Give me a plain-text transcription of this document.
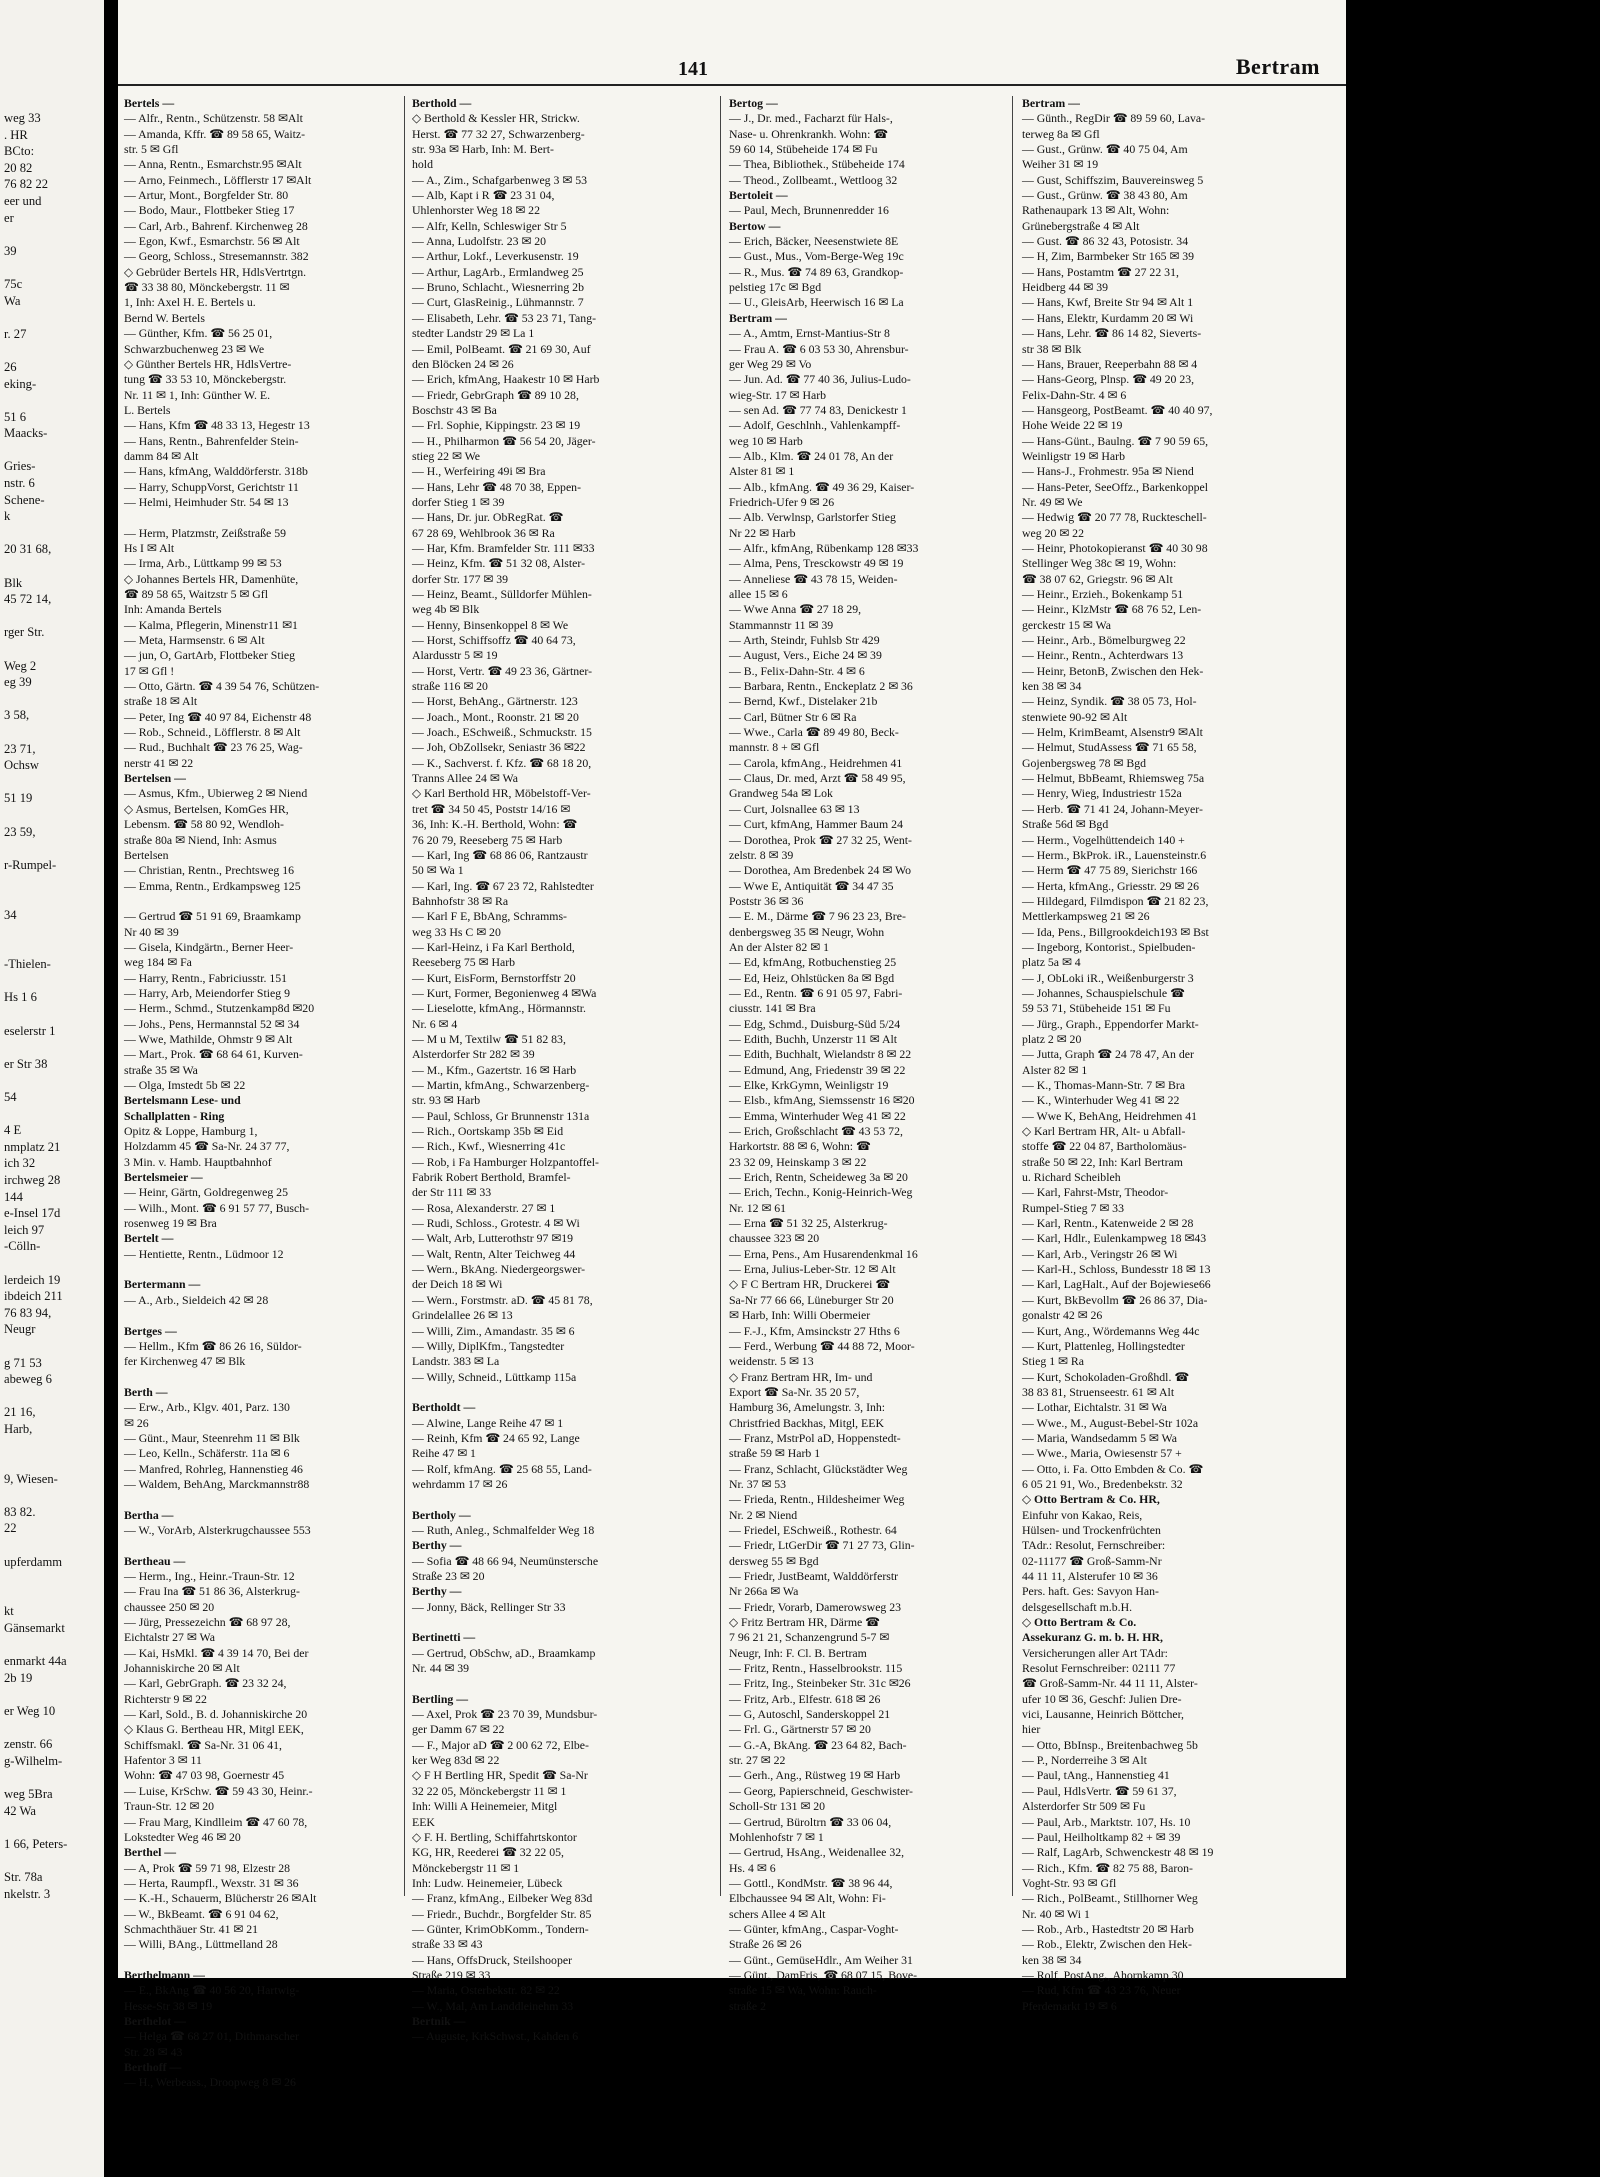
weg 33
. HR
BCto:
20 82
76 82 22
eer und
er

39

75c
Wa

r. 27

26
eking-

51 6
Maacks-

Gries-
nstr. 6
Schene-
k

20 31 68,

Blk
45 72 14,

rger Str.

Weg 2
eg 39

3 58,

23 71,
Ochsw

51 19

23 59,

r-Rumpel-

34

-Thielen-

Hs 1 6

eselerstr 1

er Str 38

54

4 E
nmplatz 21
ich 32
irchweg 28
144
e-Insel 17d
leich 97
-Cölln-

lerdeich 19
ibdeich 211
76 83 94,
Neugr

g 71 53
abeweg 6

21 16,
Harb,

9, Wiesen-

83 82.
22

upferdamm

kt
Gänsemarkt

enmarkt 44a
2b 19

er Weg 10

zenstr. 66
g-Wilhelm-

weg 5Bra
42 Wa

1 66, Peters-

Str. 78a
nkelstr. 3
141	Bertram
Bertels —
— Alfr., Rentn., Schützenstr. 58 ✉Alt
— Amanda, Kffr. ☎ 89 58 65, Waitz-
str. 5 ✉ Gfl
— Anna, Rentn., Esmarchstr.95 ✉Alt
— Arno, Feinmech., Löfflerstr 17 ✉Alt
— Artur, Mont., Borgfelder Str. 80
— Bodo, Maur., Flottbeker Stieg 17
— Carl, Arb., Bahrenf. Kirchenweg 28
— Egon, Kwf., Esmarchstr. 56 ✉ Alt
— Georg, Schloss., Stresemannstr. 382
◇ Gebrüder Bertels HR, HdlsVertrtgn.
☎ 33 38 80, Mönckebergstr. 11 ✉
1, Inh: Axel H. E. Bertels u.
Bernd W. Bertels
— Günther, Kfm. ☎ 56 25 01,
Schwarzbuchenweg 23 ✉ We
◇ Günther Bertels HR, HdlsVertre-
tung ☎ 33 53 10, Mönckebergstr.
Nr. 11 ✉ 1, Inh: Günther W. E.
L. Bertels
— Hans, Kfm ☎ 48 33 13, Hegestr 13
— Hans, Rentn., Bahrenfelder Stein-
damm 84 ✉ Alt
— Hans, kfmAng, Walddörferstr. 318b
— Harry, SchuppVorst, Gerichtstr 11
— Helmi, Heimhuder Str. 54 ✉ 13

— Herm, Platzmstr, Zeißstraße 59
Hs I ✉ Alt
— Irma, Arb., Lüttkamp 99 ✉ 53
◇ Johannes Bertels HR, Damenhüte,
☎ 89 58 65, Waitzstr 5 ✉ Gfl
Inh: Amanda Bertels
— Kalma, Pflegerin, Minenstr11 ✉1
— Meta, Harmsenstr. 6 ✉ Alt
— jun, O, GartArb, Flottbeker Stieg
17 ✉ Gfl !
— Otto, Gärtn. ☎ 4 39 54 76, Schützen-
straße 18 ✉ Alt
— Peter, Ing ☎ 40 97 84, Eichenstr 48
— Rob., Schneid., Löfflerstr. 8 ✉ Alt
— Rud., Buchhalt ☎ 23 76 25, Wag-
nerstr 41 ✉ 22
Bertelsen —
— Asmus, Kfm., Ubierweg 2 ✉ Niend
◇ Asmus, Bertelsen, KomGes HR,
Lebensm. ☎ 58 80 92, Wendloh-
straße 80a ✉ Niend, Inh: Asmus
Bertelsen
— Christian, Rentn., Prechtsweg 16
— Emma, Rentn., Erdkampsweg 125

— Gertrud ☎ 51 91 69, Braamkamp
Nr 40 ✉ 39
— Gisela, Kindgärtn., Berner Heer-
weg 184 ✉ Fa
— Harry, Rentn., Fabriciusstr. 151
— Harry, Arb, Meiendorfer Stieg 9
— Herm., Schmd., Stutzenkamp8d ✉20
— Johs., Pens, Hermannstal 52 ✉ 34
— Wwe, Mathilde, Ohmstr 9 ✉ Alt
— Mart., Prok. ☎ 68 64 61, Kurven-
straße 35 ✉ Wa
— Olga, Imstedt 5b ✉ 22
Bertelsmann Lese- und
Schallplatten - Ring
Opitz & Loppe, Hamburg 1,
Holzdamm 45 ☎ Sa-Nr. 24 37 77,
3 Min. v. Hamb. Hauptbahnhof
Bertelsmeier —
— Heinr, Gärtn, Goldregenweg 25
— Wilh., Mont. ☎ 6 91 57 77, Busch-
rosenweg 19 ✉ Bra
Bertelt —
— Hentiette, Rentn., Lüdmoor 12

Bertermann —
— A., Arb., Sieldeich 42 ✉ 28

Bertges —
— Hellm., Kfm ☎ 86 26 16, Süldor-
fer Kirchenweg 47 ✉ Blk

Berth —
— Erw., Arb., Klgv. 401, Parz. 130
✉ 26
— Günt., Maur, Steenrehm 11 ✉ Blk
— Leo, Kelln., Schäferstr. 11a ✉ 6
— Manfred, Rohrleg, Hannenstieg 46
— Waldem, BehAng, Marckmannstr88

Bertha —
— W., VorArb, Alsterkrugchaussee 553

Bertheau —
— Herm., Ing., Heinr.-Traun-Str. 12
— Frau Ina ☎ 51 86 36, Alsterkrug-
chaussee 250 ✉ 20
— Jürg, Pressezeichn ☎ 68 97 28,
Eichtalstr 27 ✉ Wa
— Kai, HsMkl. ☎ 4 39 14 70, Bei der
Johanniskirche 20 ✉ Alt
— Karl, GebrGraph. ☎ 23 32 24,
Richterstr 9 ✉ 22
— Karl, Sold., B. d. Johanniskirche 20
◇ Klaus G. Bertheau HR, Mitgl EEK,
Schiffsmakl. ☎ Sa-Nr. 31 06 41,
Hafentor 3 ✉ 11
Wohn: ☎ 47 03 98, Goernestr 45
— Luise, KrSchw. ☎ 59 43 30, Heinr.-
Traun-Str. 12 ✉ 20
— Frau Marg, Kindlleim ☎ 47 60 78,
Lokstedter Weg 46 ✉ 20
Berthel —
— A, Prok ☎ 59 71 98, Elzestr 28
— Herta, Raumpfl., Wexstr. 31 ✉ 36
— K.-H., Schauerm, Blücherstr 26 ✉Alt
— W., BkBeamt. ☎ 6 91 04 62,
Schmachthäuer Str. 41 ✉ 21
— Willi, BAng., Lüttmelland 28

Berthelmann —
— E., BkAng ☎ 40 56 20, Hartwig-
Hesse-Str 38 ✉ 19
Berthelot —
— Helga ☎ 68 27 01, Dithmarscher
Str. 28 ✉ 43
Berthoff —
— H., Werbeass., Droopweg 8 ✉ 26
Berthold —
◇ Berthold & Kessler HR, Strickw.
Herst. ☎ 77 32 27, Schwarzenberg-
str. 93a ✉ Harb, Inh: M. Bert-
hold
— A., Zim., Schafgarbenweg 3 ✉ 53
— Alb, Kapt i R ☎ 23 31 04,
Uhlenhorster Weg 18 ✉ 22
— Alfr, Kelln, Schleswiger Str 5
— Anna, Ludolfstr. 23 ✉ 20
— Arthur, Lokf., Leverkusenstr. 19
— Arthur, LagArb., Ermlandweg 25
— Bruno, Schlacht., Wiesnerring 2b
— Curt, GlasReinig., Lühmannstr. 7
— Elisabeth, Lehr. ☎ 53 23 71, Tang-
stedter Landstr 29 ✉ La 1
— Emil, PolBeamt. ☎ 21 69 30, Auf
den Blöcken 24 ✉ 26
— Erich, kfmAng, Haakestr 10 ✉ Harb
— Friedr, GebrGraph ☎ 89 10 28,
Boschstr 43 ✉ Ba
— Frl. Sophie, Kippingstr. 23 ✉ 19
— H., Philharmon ☎ 56 54 20, Jäger-
stieg 22 ✉ We
— H., Werfeiring 49i ✉ Bra
— Hans, Lehr ☎ 48 70 38, Eppen-
dorfer Stieg 1 ✉ 39
— Hans, Dr. jur. ObRegRat. ☎
67 28 69, Wehlbrook 36 ✉ Ra
— Har, Kfm. Bramfelder Str. 111 ✉33
— Heinz, Kfm. ☎ 51 32 08, Alster-
dorfer Str. 177 ✉ 39
— Heinz, Beamt., Sülldorfer Mühlen-
weg 4b ✉ Blk
— Henny, Binsenkoppel 8 ✉ We
— Horst, Schiffsoffz ☎ 40 64 73,
Alardusstr 5 ✉ 19
— Horst, Vertr. ☎ 49 23 36, Gärtner-
straße 116 ✉ 20
— Horst, BehAng., Gärtnerstr. 123
— Joach., Mont., Roonstr. 21 ✉ 20
— Joach., ESchweiß., Schmuckstr. 15
— Joh, ObZollsekr, Seniastr 36 ✉22
— K., Sachverst. f. Kfz. ☎ 68 18 20,
Tranns Allee 24 ✉ Wa
◇ Karl Berthold HR, Möbelstoff-Ver-
tret ☎ 34 50 45, Poststr 14/16 ✉
36, Inh: K.-H. Berthold, Wohn: ☎
76 20 79, Reeseberg 75 ✉ Harb
— Karl, Ing ☎ 68 86 06, Rantzaustr
50 ✉ Wa 1
— Karl, Ing. ☎ 67 23 72, Rahlstedter
Bahnhofstr 38 ✉ Ra
— Karl F E, BbAng, Schramms-
weg 33 Hs C ✉ 20
— Karl-Heinz, i Fa Karl Berthold,
Reeseberg 75 ✉ Harb
— Kurt, EisForm, Bernstorffstr 20
— Kurt, Former, Begonienweg 4 ✉Wa
— Lieselotte, kfmAng., Hörmannstr.
Nr. 6 ✉ 4
— M u M, Textilw ☎ 51 82 83,
Alsterdorfer Str 282 ✉ 39
— M., Kfm., Gazertstr. 16 ✉ Harb
— Martin, kfmAng., Schwarzenberg-
str. 93 ✉ Harb
— Paul, Schloss, Gr Brunnenstr 131a
— Rich., Oortskamp 35b ✉ Eid
— Rich., Kwf., Wiesnerring 41c
— Rob, i Fa Hamburger Holzpantoffel-
Fabrik Robert Berthold, Bramfel-
der Str 111 ✉ 33
— Rosa, Alexanderstr. 27 ✉ 1
— Rudi, Schloss., Grotestr. 4 ✉ Wi
— Walt, Arb, Lutterothstr 97 ✉19
— Walt, Rentn, Alter Teichweg 44
— Wern., BkAng. Niedergeorgswer-
der Deich 18 ✉ Wi
— Wern., Forstmstr. aD. ☎ 45 81 78,
Grindelallee 26 ✉ 13
— Willi, Zim., Amandastr. 35 ✉ 6
— Willy, DiplKfm., Tangstedter
Landstr. 383 ✉ La
— Willy, Schneid., Lüttkamp 115a

Bertholdt —
— Alwine, Lange Reihe 47 ✉ 1
— Reinh, Kfm ☎ 24 65 92, Lange
Reihe 47 ✉ 1
— Rolf, kfmAng. ☎ 25 68 55, Land-
wehrdamm 17 ✉ 26

Bertholy —
— Ruth, Anleg., Schmalfelder Weg 18
Berthy —
— Sofia ☎ 48 66 94, Neumünstersche
Straße 23 ✉ 20
Berthy —
— Jonny, Bäck, Rellinger Str 33

Bertinetti —
— Gertrud, ObSchw, aD., Braamkamp
Nr. 44 ✉ 39

Bertling —
— Axel, Prok ☎ 23 70 39, Mundsbur-
ger Damm 67 ✉ 22
— F., Major aD ☎ 2 00 62 72, Elbe-
ker Weg 83d ✉ 22
◇ F H Bertling HR, Spedit ☎ Sa-Nr
32 22 05, Mönckebergstr 11 ✉ 1
Inh: Willi A Heinemeier, Mitgl
EEK
◇ F. H. Bertling, Schiffahrtskontor
KG, HR, Reederei ☎ 32 22 05,
Mönckebergstr 11 ✉ 1
Inh: Ludw. Heinemeier, Lübeck
— Franz, kfmAng., Eilbeker Weg 83d
— Friedr., Buchdr., Borgfelder Str. 85
— Günter, KrimObKomm., Tondern-
straße 33 ✉ 43
— Hans, OffsDruck, Steilshooper
Straße 219 ✉ 33
— Maria, Osterbekstr. 82 ✉ 22
— W., Mal, Am Landdleinehm 33
Bertnik —
— Auguste, KrkSchwst., Kahden 6
Bertog —
— J., Dr. med., Facharzt für Hals-,
Nase- u. Ohrenkrankh. Wohn: ☎
59 60 14, Stübeheide 174 ✉ Fu
— Thea, Bibliothek., Stübeheide 174
— Theod., Zollbeamt., Wettloog 32
Bertoleit —
— Paul, Mech, Brunnenredder 16
Bertow —
— Erich, Bäcker, Neesenstwiete 8E
— Gust., Mus., Vom-Berge-Weg 19c
— R., Mus. ☎ 74 89 63, Grandkop-
pelstieg 17c ✉ Bgd
— U., GleisArb, Heerwisch 16 ✉ La
Bertram —
— A., Amtm, Ernst-Mantius-Str 8
— Frau A. ☎ 6 03 53 30, Ahrensbur-
ger Weg 29 ✉ Vo
— Jun. Ad. ☎ 77 40 36, Julius-Ludo-
wieg-Str. 17 ✉ Harb
— sen Ad. ☎ 77 74 83, Denickestr 1
— Adolf, Geschlnh., Vahlenkampff-
weg 10 ✉ Harb
— Alb., Klm. ☎ 24 01 78, An der
Alster 81 ✉ 1
— Alb., kfmAng. ☎ 49 36 29, Kaiser-
Friedrich-Ufer 9 ✉ 26
— Alb. Verwlnsp, Garlstorfer Stieg
Nr 22 ✉ Harb
— Alfr., kfmAng, Rübenkamp 128 ✉33
— Alma, Pens, Tresckowstr 49 ✉ 19
— Anneliese ☎ 43 78 15, Weiden-
allee 15 ✉ 6
— Wwe Anna ☎ 27 18 29,
Stammannstr 11 ✉ 39
— Arth, Steindr, Fuhlsb Str 429
— August, Vers., Eiche 24 ✉ 39
— B., Felix-Dahn-Str. 4 ✉ 6
— Barbara, Rentn., Enckeplatz 2 ✉ 36
— Bernd, Kwf., Distelaker 21b
— Carl, Bütner Str 6 ✉ Ra
— Wwe., Carla ☎ 89 49 80, Beck-
mannstr. 8 + ✉ Gfl
— Carola, kfmAng., Heidrehmen 41
— Claus, Dr. med, Arzt ☎ 58 49 95,
Grandweg 54a ✉ Lok
— Curt, Jolsnallee 63 ✉ 13
— Curt, kfmAng, Hammer Baum 24
— Dorothea, Prok ☎ 27 32 25, Went-
zelstr. 8 ✉ 39
— Dorothea, Am Bredenbek 24 ✉ Wo
— Wwe E, Antiquität ☎ 34 47 35
Poststr 36 ✉ 36
— E. M., Därme ☎ 7 96 23 23, Bre-
denbergsweg 35 ✉ Neugr, Wohn
An der Alster 82 ✉ 1
— Ed, kfmAng, Rotbuchenstieg 25
— Ed, Heiz, Ohlstücken 8a ✉ Bgd
— Ed., Rentn. ☎ 6 91 05 97, Fabri-
ciusstr. 141 ✉ Bra
— Edg, Schmd., Duisburg-Süd 5/24
— Edith, Buchh, Unzerstr 11 ✉ Alt
— Edith, Buchhalt, Wielandstr 8 ✉ 22
— Edmund, Ang, Friedenstr 39 ✉ 22
— Elke, KrkGymn, Weinligstr 19
— Elsb., kfmAng, Siemssenstr 16 ✉20
— Emma, Winterhuder Weg 41 ✉ 22
— Erich, Großschlacht ☎ 43 53 72,
Harkortstr. 88 ✉ 6, Wohn: ☎
23 32 09, Heinskamp 3 ✉ 22
— Erich, Rentn, Scheideweg 3a ✉ 20
— Erich, Techn., Konig-Heinrich-Weg
Nr. 12 ✉ 61
— Erna ☎ 51 32 25, Alsterkrug-
chaussee 323 ✉ 20
— Erna, Pens., Am Husarendenkmal 16
— Erna, Julius-Leber-Str. 12 ✉ Alt
◇ F C Bertram HR, Druckerei ☎
Sa-Nr 77 66 66, Lüneburger Str 20
✉ Harb, Inh: Willi Obermeier
— F.-J., Kfm, Amsinckstr 27 Hths 6
— Ferd., Werbung ☎ 44 88 72, Moor-
weidenstr. 5 ✉ 13
◇ Franz Bertram HR, Im- und
Export ☎ Sa-Nr. 35 20 57,
Hamburg 36, Amelungstr. 3, Inh:
Christfried Backhas, Mitgl, EEK
— Franz, MstrPol aD, Hoppenstedt-
straße 59 ✉ Harb 1
— Franz, Schlacht, Glückstädter Weg
Nr. 37 ✉ 53
— Frieda, Rentn., Hildesheimer Weg
Nr. 2 ✉ Niend
— Friedel, ESchweiß., Rothestr. 64
— Friedr, LtGerDir ☎ 71 27 73, Glin-
dersweg 55 ✉ Bgd
— Friedr, JustBeamt, Walddörferstr
Nr 266a ✉ Wa
— Friedr, Vorarb, Damerowsweg 23
◇ Fritz Bertram HR, Därme ☎
7 96 21 21, Schanzengrund 5-7 ✉
Neugr, Inh: F. Cl. B. Bertram
— Fritz, Rentn., Hasselbrookstr. 115
— Fritz, Ing., Steinbeker Str. 31c ✉26
— Fritz, Arb., Elfestr. 618 ✉ 26
— G, Autoschl, Sanderskoppel 21
— Frl. G., Gärtnerstr 57 ✉ 20
— G.-A, BkAng. ☎ 23 64 82, Bach-
str. 27 ✉ 22
— Gerh., Ang., Rüstweg 19 ✉ Harb
— Georg, Papierschneid, Geschwister-
Scholl-Str 131 ✉ 20
— Gertrud, Büroltrn ☎ 33 06 04,
Mohlenhofstr 7 ✉ 1
— Gertrud, HsAng., Weidenallee 32,
Hs. 4 ✉ 6
— Gottl., KondMstr. ☎ 38 96 44,
Elbchaussee 94 ✉ Alt, Wohn: Fi-
schers Allee 4 ✉ Alt
— Günter, kfmAng., Caspar-Voght-
Straße 26 ✉ 26
— Günt., GemüseHdlr., Am Weiher 31
— Günt., DamFris, ☎ 68 07 15, Bove-
straße 15 ✉ Wa, Wohn: Rauch-
straße 2
Bertram —
— Günth., RegDir ☎ 89 59 60, Lava-
terweg 8a ✉ Gfl
— Gust., Grünw. ☎ 40 75 04, Am
Weiher 31 ✉ 19
— Gust, Schiffszim, Bauvereinsweg 5
— Gust., Grünw. ☎ 38 43 80, Am
Rathenaupark 13 ✉ Alt, Wohn:
Grünebergstraße 4 ✉ Alt
— Gust. ☎ 86 32 43, Potosistr. 34
— H, Zim, Barmbeker Str 165 ✉ 39
— Hans, Postamtm ☎ 27 22 31,
Heidberg 44 ✉ 39
— Hans, Kwf, Breite Str 94 ✉ Alt 1
— Hans, Elektr, Kurdamm 20 ✉ Wi
— Hans, Lehr. ☎ 86 14 82, Sieverts-
str 38 ✉ Blk
— Hans, Brauer, Reeperbahn 88 ✉ 4
— Hans-Georg, Plnsp. ☎ 49 20 23,
Felix-Dahn-Str. 4 ✉ 6
— Hansgeorg, PostBeamt. ☎ 40 40 97,
Hohe Weide 22 ✉ 19
— Hans-Günt., Baulng. ☎ 7 90 59 65,
Weinligstr 19 ✉ Harb
— Hans-J., Frohmestr. 95a ✉ Niend
— Hans-Peter, SeeOffz., Barkenkoppel
Nr. 49 ✉ We
— Hedwig ☎ 20 77 78, Ruckteschell-
weg 20 ✉ 22
— Heinr, Photokopieranst ☎ 40 30 98
Stellinger Weg 38c ✉ 19, Wohn:
☎ 38 07 62, Griegstr. 96 ✉ Alt
— Heinr., Erzieh., Bokenkamp 51
— Heinr., KlzMstr ☎ 68 76 52, Len-
gerckestr 15 ✉ Wa
— Heinr., Arb., Bömelburgweg 22
— Heinr., Rentn., Achterdwars 13
— Heinr, BetonB, Zwischen den Hek-
ken 38 ✉ 34
— Heinz, Syndik. ☎ 38 05 73, Hol-
stenwiete 90-92 ✉ Alt
— Helm, KrimBeamt, Alsenstr9 ✉Alt
— Helmut, StudAssess ☎ 71 65 58,
Gojenbergsweg 78 ✉ Bgd
— Helmut, BbBeamt, Rhiemsweg 75a
— Henry, Wieg, Industriestr 152a
— Herb. ☎ 71 41 24, Johann-Meyer-
Straße 56d ✉ Bgd
— Herm., Vogelhüttendeich 140 +
— Herm., BkProk. iR., Lauensteinstr.6
— Herm ☎ 47 75 89, Sierichstr 166
— Herta, kfmAng., Griesstr. 29 ✉ 26
— Hildegard, Filmdispon ☎ 21 82 23,
Mettlerkampsweg 21 ✉ 26
— Ida, Pens., Billgrookdeich193 ✉ Bst
— Ingeborg, Kontorist., Spielbuden-
platz 5a ✉ 4
— J, ObLoki iR., Weißenburgerstr 3
— Johannes, Schauspielschule ☎
59 53 71, Stübeheide 151 ✉ Fu
— Jürg., Graph., Eppendorfer Markt-
platz 2 ✉ 20
— Jutta, Graph ☎ 24 78 47, An der
Alster 82 ✉ 1
— K., Thomas-Mann-Str. 7 ✉ Bra
— K., Winterhuder Weg 41 ✉ 22
— Wwe K, BehAng, Heidrehmen 41
◇ Karl Bertram HR, Alt- u Abfall-
stoffe ☎ 22 04 87, Bartholomäus-
straße 50 ✉ 22, Inh: Karl Bertram
u. Richard Scheibleh
— Karl, Fahrst-Mstr, Theodor-
Rumpel-Stieg 7 ✉ 33
— Karl, Rentn., Katenweide 2 ✉ 28
— Karl, Hdlr., Eulenkampweg 18 ✉43
— Karl, Arb., Veringstr 26 ✉ Wi
— Karl-H., Schloss, Bundesstr 18 ✉ 13
— Karl, LagHalt., Auf der Bojewiese66
— Kurt, BkBevollm ☎ 26 86 37, Dia-
gonalstr 42 ✉ 26
— Kurt, Ang., Wördemanns Weg 44c
— Kurt, Plattenleg, Hollingstedter
Stieg 1 ✉ Ra
— Kurt, Schokoladen-Großhdl. ☎
38 83 81, Struenseestr. 61 ✉ Alt
— Lothar, Eichtalstr. 31 ✉ Wa
— Wwe., M., August-Bebel-Str 102a
— Maria, Wandsedamm 5 ✉ Wa
— Wwe., Maria, Owiesenstr 57 +
— Otto, i. Fa. Otto Embden & Co. ☎
6 05 21 91, Wo., Bredenbekstr. 32
◇ Otto Bertram & Co. HR,
Einfuhr von Kakao, Reis,
Hülsen- und Trockenfrüchten
TAdr.: Resolut, Fernschreiber:
02-11177 ☎ Groß-Samm-Nr
44 11 11, Alsterufer 10 ✉ 36
Pers. haft. Ges: Savyon Han-
delsgesellschaft m.b.H.
◇ Otto Bertram & Co.
Assekuranz G. m. b. H. HR,
Versicherungen aller Art TAdr:
Resolut Fernschreiber: 02111 77
☎ Groß-Samm-Nr. 44 11 11, Alster-
ufer 10 ✉ 36, Geschf: Julien Dre-
vici, Lausanne, Heinrich Böttcher,
hier
— Otto, BbInsp., Breitenbachweg 5b
— P., Norderreihe 3 ✉ Alt
— Paul, tAng., Hannenstieg 41
— Paul, HdlsVertr. ☎ 59 61 37,
Alsterdorfer Str 509 ✉ Fu
— Paul, Arb., Marktstr. 107, Hs. 10
— Paul, Heilholtkamp 82 + ✉ 39
— Ralf, LagArb, Schwenckestr 48 ✉ 19
— Rich., Kfm. ☎ 82 75 88, Baron-
Voght-Str. 93 ✉ Gfl
— Rich., PolBeamt., Stillhorner Weg
Nr. 40 ✉ Wi 1
— Rob., Arb., Hastedtstr 20 ✉ Harb
— Rob., Elektr, Zwischen den Hek-
ken 38 ✉ 34
— Rolf, PostAng., Ahornkamp 30
— Rud, Kfm ☎ 43 23 76, Neuer
Pferdemarkt 19 ✉ 6
